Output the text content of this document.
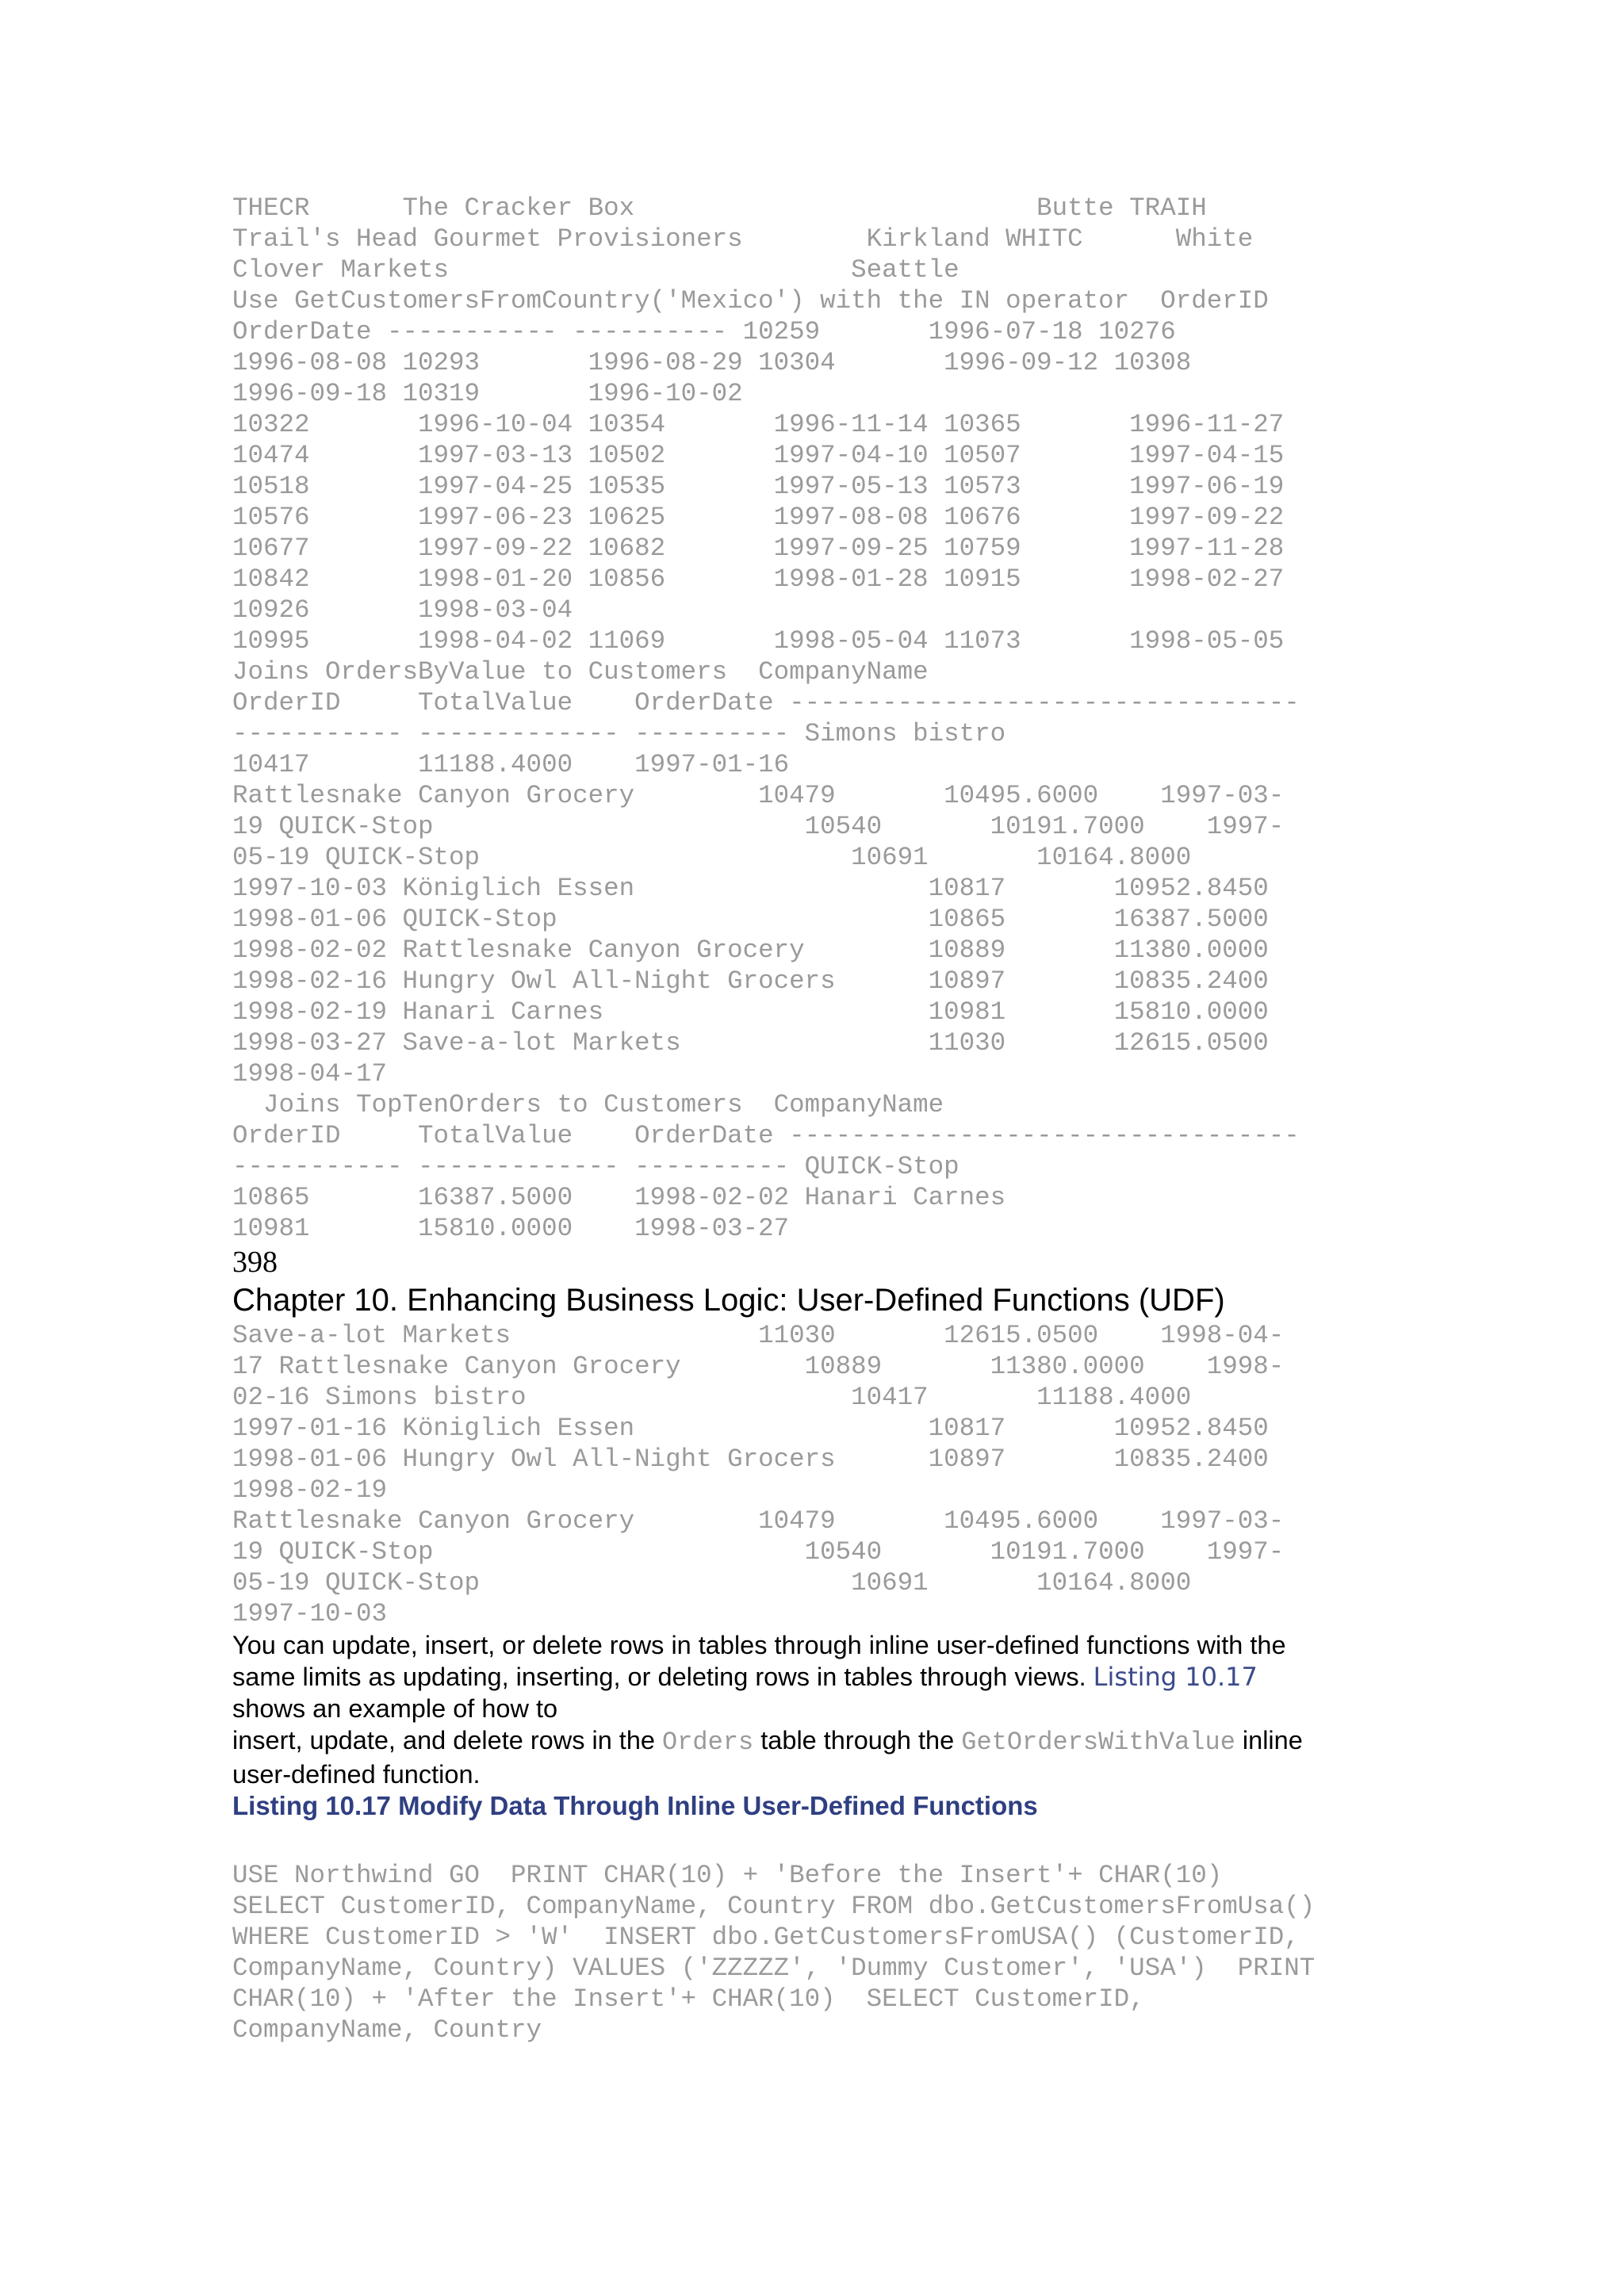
THECR      The Cracker Box                          Butte TRAIH
Trail's Head Gourmet Provisioners        Kirkland WHITC      White
Clover Markets                          Seattle
Use GetCustomersFromCountry('Mexico') with the IN operator  OrderID
OrderDate ----------- ---------- 10259       1996-07-18 10276
1996-08-08 10293       1996-08-29 10304       1996-09-12 10308
1996-09-18 10319       1996-10-02
10322       1996-10-04 10354       1996-11-14 10365       1996-11-27
10474       1997-03-13 10502       1997-04-10 10507       1997-04-15
10518       1997-04-25 10535       1997-05-13 10573       1997-06-19
10576       1997-06-23 10625       1997-08-08 10676       1997-09-22
10677       1997-09-22 10682       1997-09-25 10759       1997-11-28
10842       1998-01-20 10856       1998-01-28 10915       1998-02-27
10926       1998-03-04
10995       1998-04-02 11069       1998-05-04 11073       1998-05-05
Joins OrdersByValue to Customers  CompanyName
OrderID     TotalValue    OrderDate ---------------------------------
----------- ------------- ---------- Simons bistro
10417       11188.4000    1997-01-16
Rattlesnake Canyon Grocery        10479       10495.6000    1997-03-
19 QUICK-Stop                        10540       10191.7000    1997-
05-19 QUICK-Stop                        10691       10164.8000
1997-10-03 Königlich Essen                   10817       10952.8450
1998-01-06 QUICK-Stop                        10865       16387.5000
1998-02-02 Rattlesnake Canyon Grocery        10889       11380.0000
1998-02-16 Hungry Owl All-Night Grocers      10897       10835.2400
1998-02-19 Hanari Carnes                     10981       15810.0000
1998-03-27 Save-a-lot Markets                11030       12615.0500
1998-04-17
Joins TopTenOrders to Customers  CompanyName
OrderID     TotalValue    OrderDate ---------------------------------
----------- ------------- ---------- QUICK-Stop
10865       16387.5000    1998-02-02 Hanari Carnes
10981       15810.0000    1998-03-27

398

Chapter 10. Enhancing Business Logic: User-Defined Functions (UDF)

Save-a-lot Markets                11030       12615.0500    1998-04-
17 Rattlesnake Canyon Grocery        10889       11380.0000    1998-
02-16 Simons bistro                     10417       11188.4000
1997-01-16 Königlich Essen                   10817       10952.8450
1998-01-06 Hungry Owl All-Night Grocers      10897       10835.2400
1998-02-19
Rattlesnake Canyon Grocery        10479       10495.6000    1997-03-
19 QUICK-Stop                        10540       10191.7000    1997-
05-19 QUICK-Stop                        10691       10164.8000
1997-10-03
You can update, insert, or delete rows in tables through inline user-defined functions with the
same limits as updating, inserting, or deleting rows in tables through views. Listing 10.17
shows an example of how to
insert, update, and delete rows in the Orders table through the GetOrdersWithValue inline
user-defined function.

Listing 10.17 Modify Data Through Inline User-Defined Functions

USE Northwind GO  PRINT CHAR(10) + 'Before the Insert'+ CHAR(10)
SELECT CustomerID, CompanyName, Country FROM dbo.GetCustomersFromUsa()
WHERE CustomerID > 'W'  INSERT dbo.GetCustomersFromUSA() (CustomerID,
CompanyName, Country) VALUES ('ZZZZZ', 'Dummy Customer', 'USA')  PRINT
CHAR(10) + 'After the Insert'+ CHAR(10)  SELECT CustomerID,
CompanyName, Country
